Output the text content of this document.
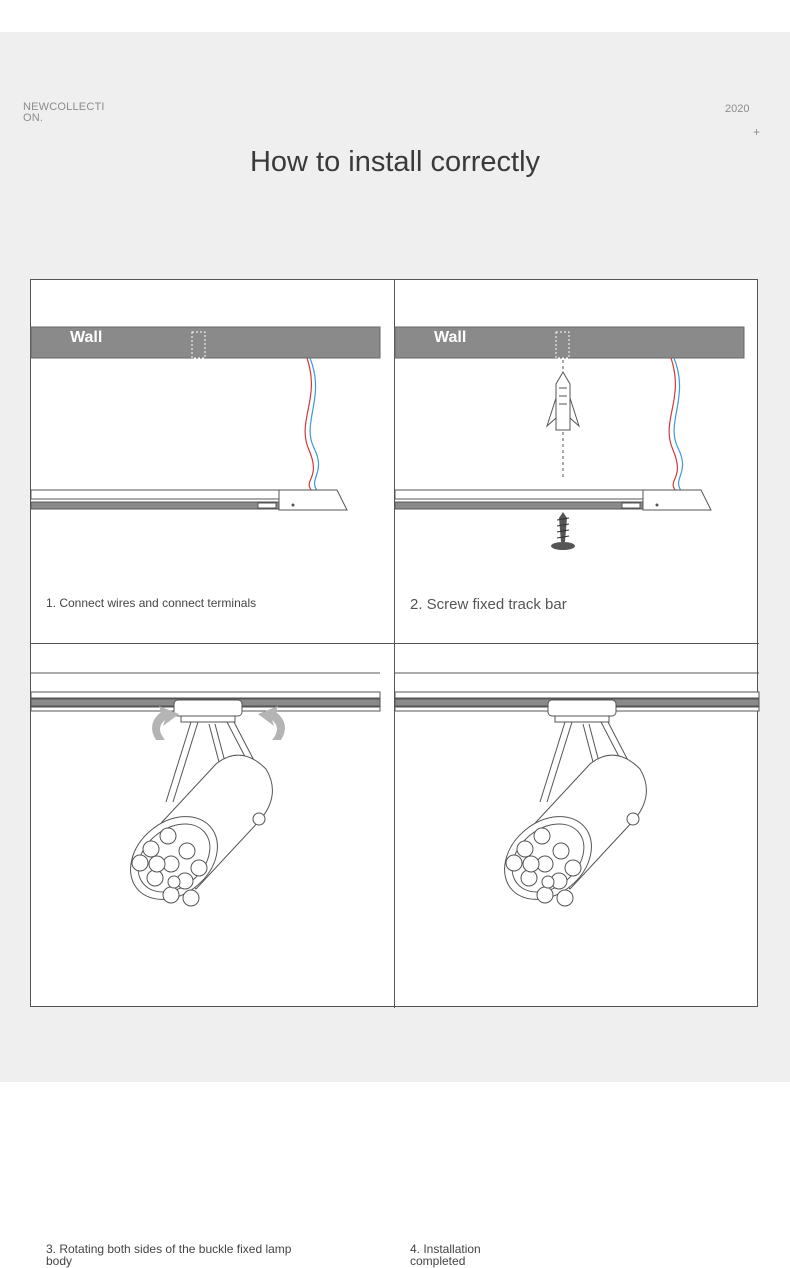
NEWCOLLECTION.
2020
+
How to install correctly
Wall
1. Connect wires and connect terminals
Wall
2. Screw fixed track bar
3. Rotating both sides of the buckle fixed lamp body
4. Installation completed
